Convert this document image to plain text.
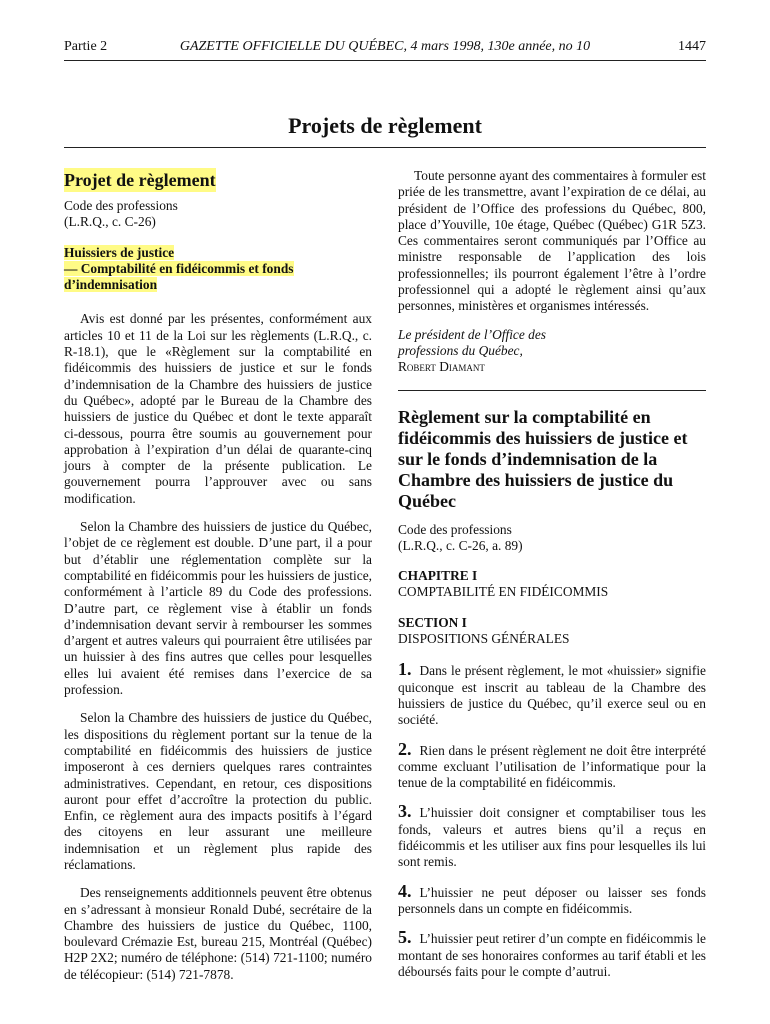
Partie 2	GAZETTE OFFICIELLE DU QUÉBEC, 4 mars 1998, 130e année, no 10	1447
Projets de règlement
Projet de règlement
Code des professions
(L.R.Q., c. C-26)
Huissiers de justice
— Comptabilité en fidéicommis et fonds
d’indemnisation

Avis est donné par les présentes, conformément aux articles 10 et 11 de la Loi sur les règlements (L.R.Q., c. R-18.1), que le «Règlement sur la comptabilité en fidéicommis des huissiers de justice et sur le fonds d’indemnisation de la Chambre des huissiers de justice du Québec», adopté par le Bureau de la Chambre des huissiers de justice du Québec et dont le texte apparaît ci-dessous, pourra être soumis au gouvernement pour approbation à l’expiration d’un délai de quarante-cinq jours à compter de la présente publication. Le gouvernement pourra l’approuver avec ou sans modification.

Selon la Chambre des huissiers de justice du Québec, l’objet de ce règlement est double. D’une part, il a pour but d’établir une réglementation complète sur la comptabilité en fidéicommis pour les huissiers de justice, conformément à l’article 89 du Code des professions. D’autre part, ce règlement vise à établir un fonds d’indemnisation devant servir à rembourser les sommes d’argent et autres valeurs qui pourraient être utilisées par un huissier à des fins autres que celles pour lesquelles elles lui avaient été remises dans l’exercice de sa profession.

Selon la Chambre des huissiers de justice du Québec, les dispositions du règlement portant sur la tenue de la comptabilité en fidéicommis des huissiers de justice imposeront à ces derniers quelques rares contraintes administratives. Cependant, en retour, ces dispositions auront pour effet d’accroître la protection du public. Enfin, ce règlement aura des impacts positifs à l’égard des citoyens en leur assurant une meilleure indemnisation et un règlement plus rapide des réclamations.

Des renseignements additionnels peuvent être obtenus en s’adressant à monsieur Ronald Dubé, secrétaire de la Chambre des huissiers de justice du Québec, 1100, boulevard Crémazie Est, bureau 215, Montréal (Québec) H2P 2X2; numéro de téléphone: (514) 721-1100; numéro de télécopieur: (514) 721-7878.

Toute personne ayant des commentaires à formuler est priée de les transmettre, avant l’expiration de ce délai, au président de l’Office des professions du Québec, 800, place d’Youville, 10e étage, Québec (Québec) G1R 5Z3. Ces commentaires seront communiqués par l’Office au ministre responsable de l’application des lois professionnelles; ils pourront également l’être à l’ordre professionnel qui a adopté le règlement ainsi qu’aux personnes, ministères et organismes intéressés.

Le président de l’Office des
professions du Québec,
Robert Diamant
Règlement sur la comptabilité en fidéicommis des huissiers de justice et sur le fonds d’indemnisation de la Chambre des huissiers de justice du Québec
Code des professions
(L.R.Q., c. C-26, a. 89)
CHAPITRE I
COMPTABILITÉ EN FIDÉICOMMIS
SECTION I
DISPOSITIONS GÉNÉRALES

1. Dans le présent règlement, le mot «huissier» signifie quiconque est inscrit au tableau de la Chambre des huissiers de justice du Québec, qu’il exerce seul ou en société.

2. Rien dans le présent règlement ne doit être interprété comme excluant l’utilisation de l’informatique pour la tenue de la comptabilité en fidéicommis.

3. L’huissier doit consigner et comptabiliser tous les fonds, valeurs et autres biens qu’il a reçus en fidéicommis et les utiliser aux fins pour lesquelles ils lui sont remis.

4. L’huissier ne peut déposer ou laisser ses fonds personnels dans un compte en fidéicommis.

5. L’huissier peut retirer d’un compte en fidéicommis le montant de ses honoraires conformes au tarif établi et les déboursés faits pour le compte d’autrui.
